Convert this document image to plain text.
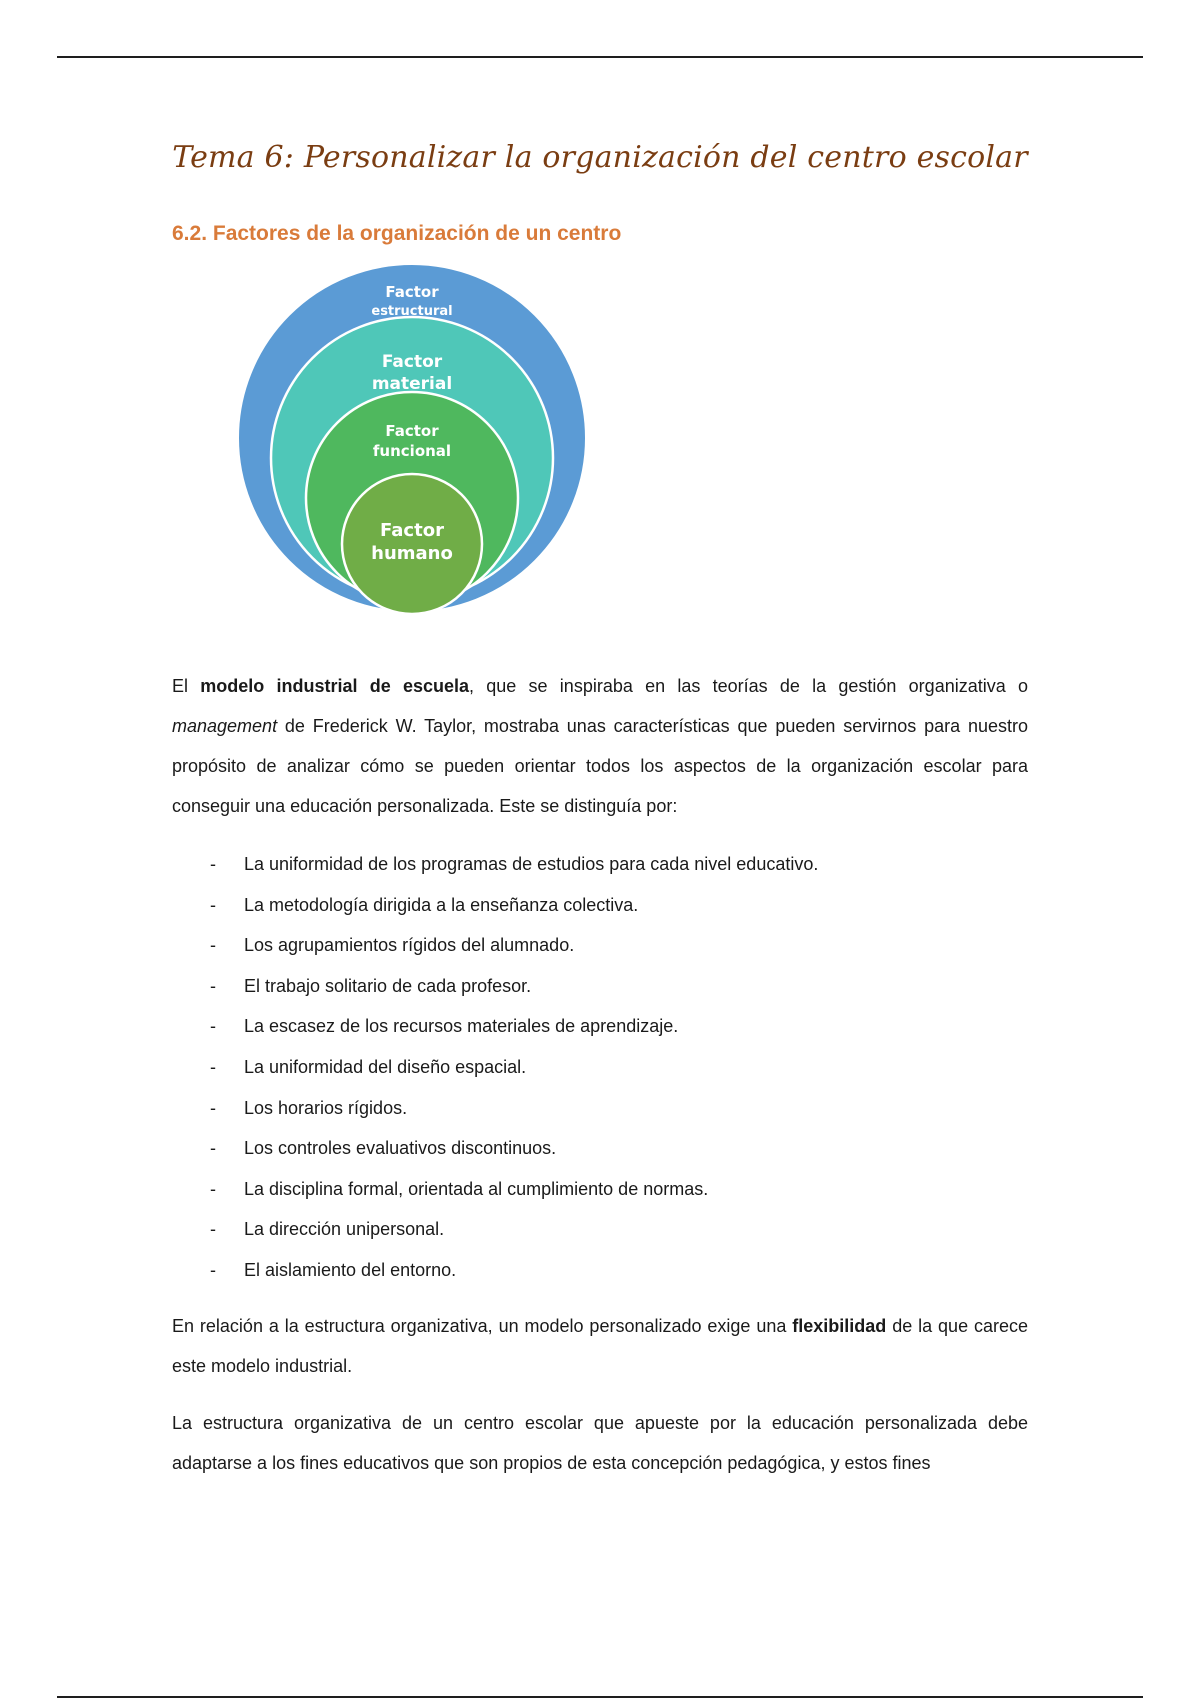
Tema 6: Personalizar la organización del centro escolar
6.2. Factores de la organización de un centro
Factor
estructural
Factor
material
Factor
funcional
Factor
humano

El modelo industrial de escuela, que se inspiraba en las teorías de la gestión organizativa o management de Frederick W. Taylor, mostraba unas características que pueden servirnos para nuestro propósito de analizar cómo se pueden orientar todos los aspectos de la organización escolar para conseguir una educación personalizada. Este se distinguía por:

- La uniformidad de los programas de estudios para cada nivel educativo.
- La metodología dirigida a la enseñanza colectiva.
- Los agrupamientos rígidos del alumnado.
- El trabajo solitario de cada profesor.
- La escasez de los recursos materiales de aprendizaje.
- La uniformidad del diseño espacial.
- Los horarios rígidos.
- Los controles evaluativos discontinuos.
- La disciplina formal, orientada al cumplimiento de normas.
- La dirección unipersonal.
- El aislamiento del entorno.

En relación a la estructura organizativa, un modelo personalizado exige una flexibilidad de la que carece este modelo industrial.

La estructura organizativa de un centro escolar que apueste por la educación personalizada debe adaptarse a los fines educativos que son propios de esta concepción pedagógica, y estos fines
